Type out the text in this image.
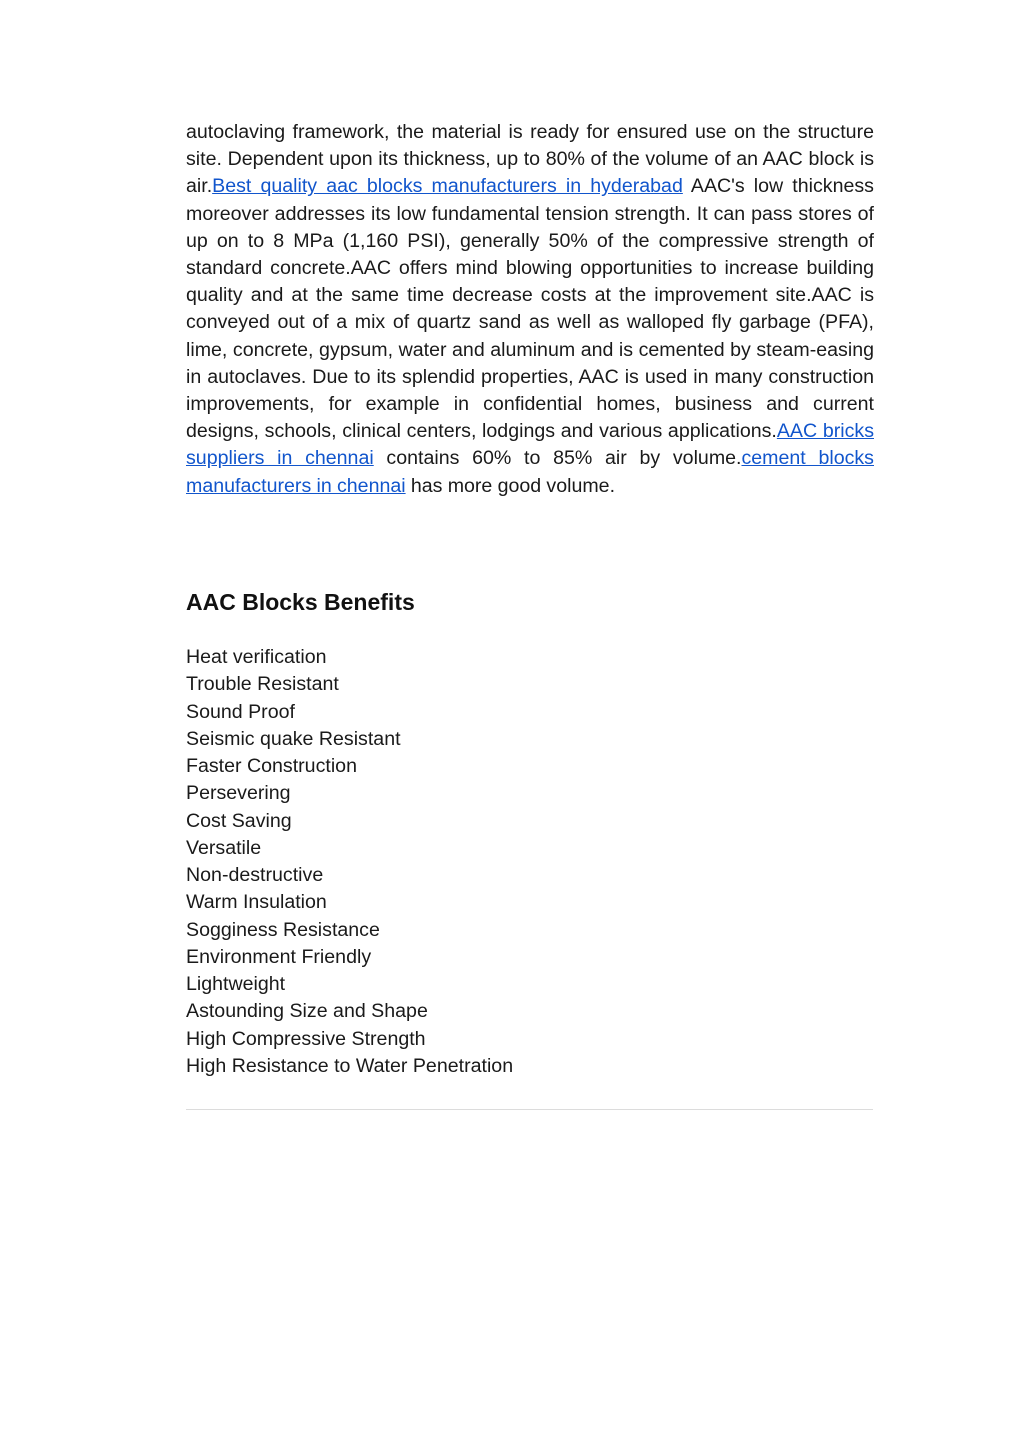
autoclaving framework, the material is ready for ensured use on the structure site. Dependent upon its thickness, up to 80% of the volume of an AAC block is air.Best quality aac blocks manufacturers in hyderabad AAC's low thickness moreover addresses its low fundamental tension strength. It can pass stores of up on to 8 MPa (1,160 PSI), generally 50% of the compressive strength of standard concrete.AAC offers mind blowing opportunities to increase building quality and at the same time decrease costs at the improvement site.AAC is conveyed out of a mix of quartz sand as well as walloped fly garbage (PFA), lime, concrete, gypsum, water and aluminum and is cemented by steam-easing in autoclaves. Due to its splendid properties, AAC is used in many construction improvements, for example in confidential homes, business and current designs, schools, clinical centers, lodgings and various applications.AAC bricks suppliers in chennai contains 60% to 85% air by volume.cement blocks manufacturers in chennai has more good volume.

AAC Blocks Benefits
Heat verification
Trouble Resistant
Sound Proof
Seismic quake Resistant
Faster Construction
Persevering
Cost Saving
Versatile
Non-destructive
Warm Insulation
Sogginess Resistance
Environment Friendly
Lightweight
Astounding Size and Shape
High Compressive Strength
High Resistance to Water Penetration
